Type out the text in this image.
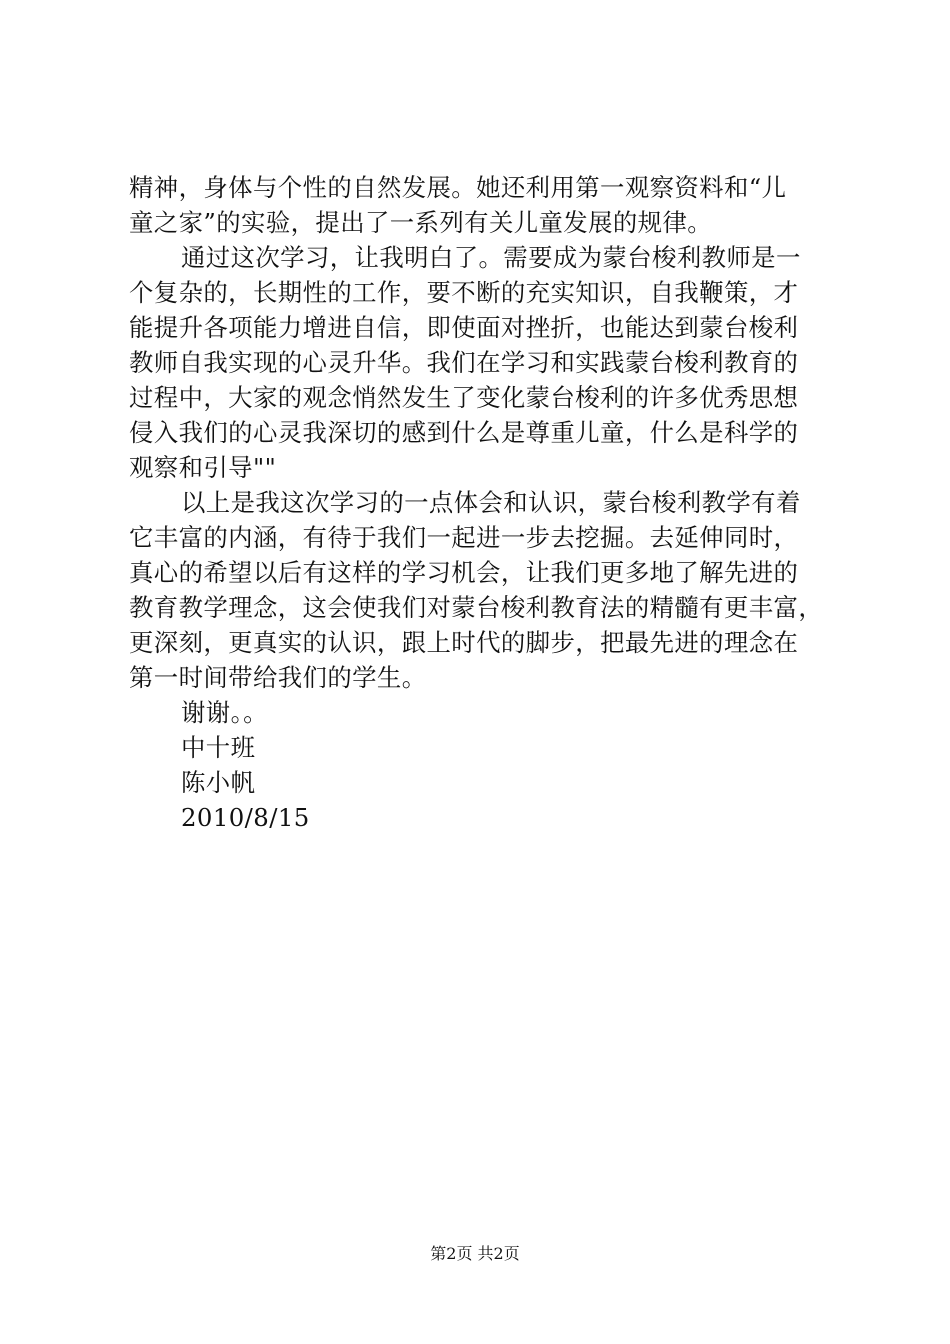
精神，身体与个性的自然发展。她还利用第一观察资料和“儿
童之家”的实验，提出了一系列有关儿童发展的规律。
通过这次学习，让我明白了。需要成为蒙台梭利教师是一
个复杂的，长期性的工作，要不断的充实知识，自我鞭策，才
能提升各项能力增进自信，即使面对挫折，也能达到蒙台梭利
教师自我实现的心灵升华。我们在学习和实践蒙台梭利教育的
过程中，大家的观念悄然发生了变化蒙台梭利的许多优秀思想
侵入我们的心灵我深切的感到什么是尊重儿童，什么是科学的
观察和引导""
以上是我这次学习的一点体会和认识，蒙台梭利教学有着
它丰富的内涵，有待于我们一起进一步去挖掘。去延伸同时，
真心的希望以后有这样的学习机会，让我们更多地了解先进的
教育教学理念，这会使我们对蒙台梭利教育法的精髓有更丰富，
更深刻，更真实的认识，跟上时代的脚步，把最先进的理念在
第一时间带给我们的学生。
谢谢。。
中十班
陈小帆
2010/8/15
第2页 共2页
